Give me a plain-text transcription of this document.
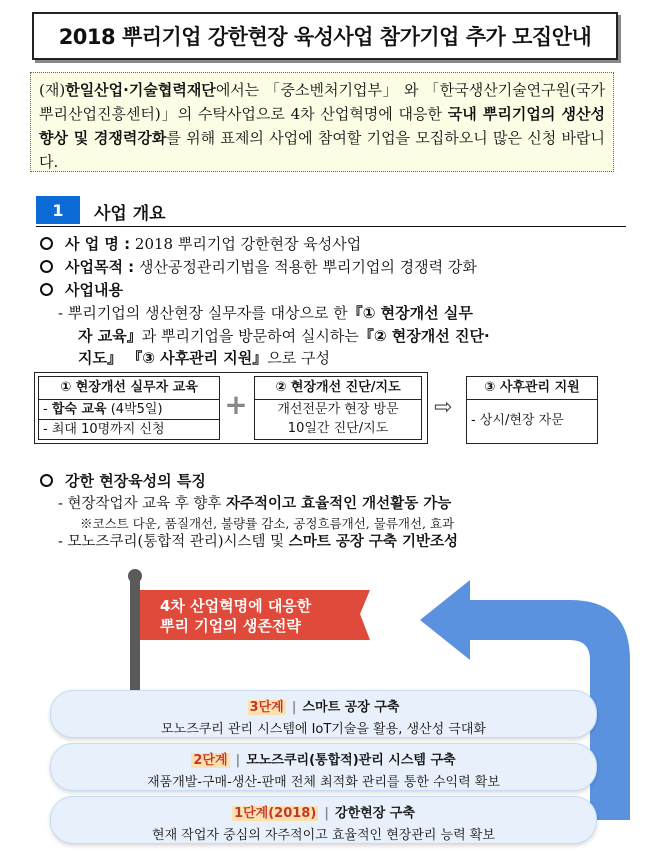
2018 뿌리기업 강한현장 육성사업 참가기업 추가 모집안내
(재)한일산업·기술협력재단에서는 「중소벤처기업부」 와 「한국생산기술연구원(국가뿌리산업진흥센터)」의 수탁사업으로 4차 산업혁명에 대응한 국내 뿌리기업의 생산성 향상 및 경쟁력강화를 위해 표제의 사업에 참여할 기업을 모집하오니 많은 신청 바랍니다.
1	사업 개요
사 업 명 : 2018 뿌리기업 강한현장 육성사업
사업목적 : 생산공정관리기법을 적용한 뿌리기업의 경쟁력 강화
사업내용
- 뿌리기업의 생산현장 실무자를 대상으로 한『① 현장개선 실무
자 교육』과 뿌리기업을 방문하여 실시하는『② 현장개선 진단·
지도』 『③ 사후관리 지원』으로 구성
① 현장개선 실무자 교육
- 합숙 교육 (4박5일)
- 최대 10명까지 신청
+
② 현장개선 진단/지도
개선전문가 현장 방문
10일간 진단/지도
⇨
③ 사후관리 지원
- 상시/현장 자문
강한 현장육성의 특징
- 현장작업자 교육 후 향후 자주적이고 효율적인 개선활동 가능
※코스트 다운, 품질개선, 불량률 감소, 공정흐름개선, 물류개선, 효과
- 모노즈쿠리(통합적 관리)시스템 및 스마트 공장 구축 기반조성
4차 산업혁명에 대응한
뿌리 기업의 생존전략
3단계 | 스마트 공장 구축
모노즈쿠리 관리 시스템에 IoT기술을 활용, 생산성 극대화
2단계 | 모노즈쿠리(통합적)관리 시스템 구축
재품개발-구매-생산-판매 전체 최적화 관리를 통한 수익력 확보
1단계(2018) | 강한현장 구축
현재 작업자 중심의 자주적이고 효율적인 현장관리 능력 확보
